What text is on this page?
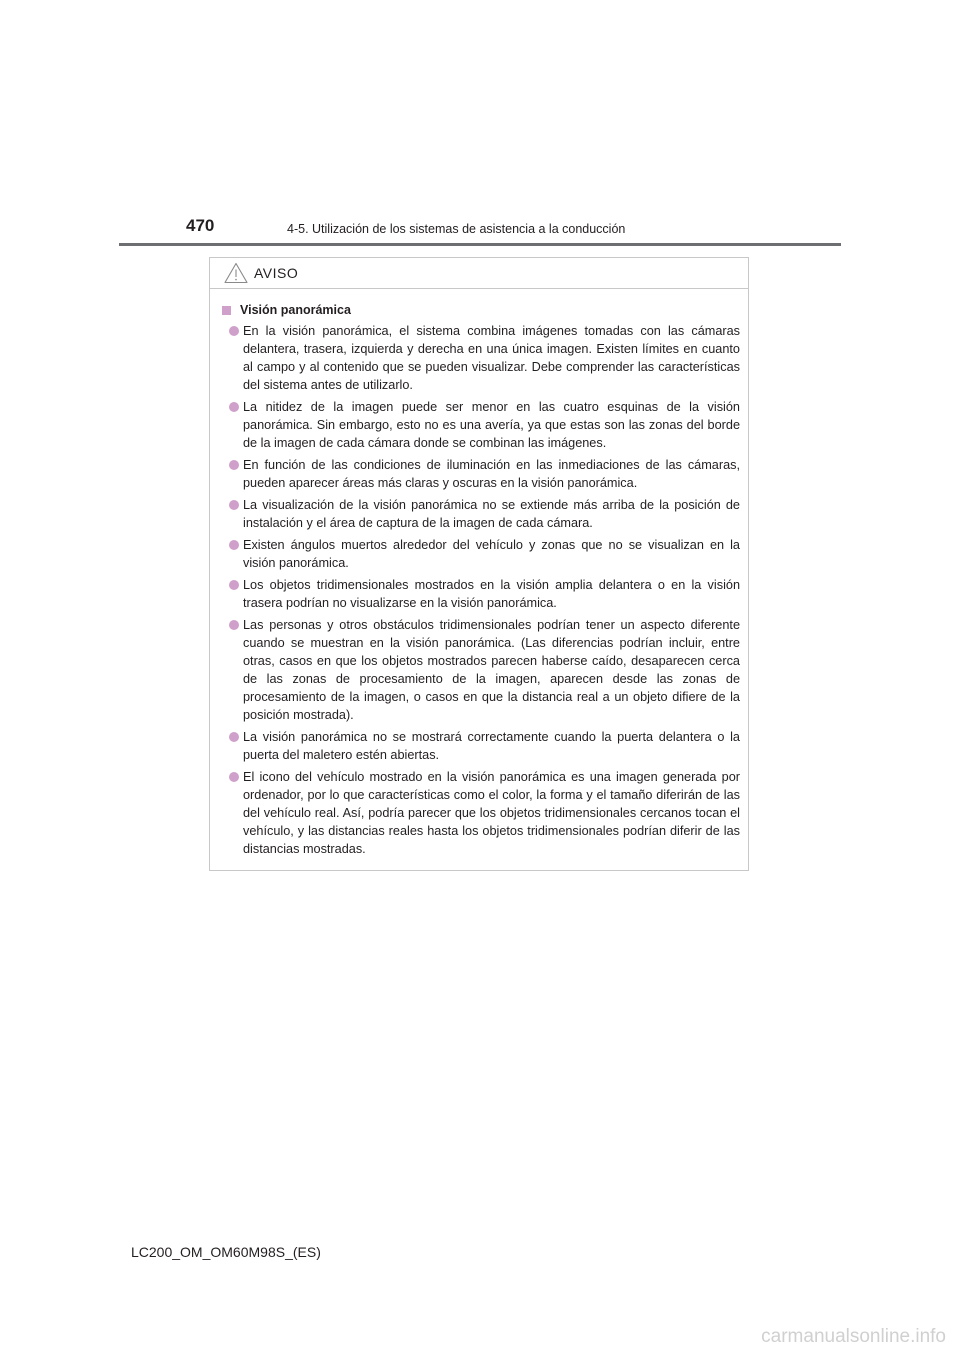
470	4-5. Utilización de los sistemas de asistencia a la conducción
AVISO
Visión panorámica
En la visión panorámica, el sistema combina imágenes tomadas con las cámaras delantera, trasera, izquierda y derecha en una única imagen. Existen límites en cuanto al campo y al contenido que se pueden visualizar. Debe comprender las características del sistema antes de utilizarlo.
La nitidez de la imagen puede ser menor en las cuatro esquinas de la visión panorámica. Sin embargo, esto no es una avería, ya que estas son las zonas del borde de la imagen de cada cámara donde se combinan las imágenes.
En función de las condiciones de iluminación en las inmediaciones de las cámaras, pueden aparecer áreas más claras y oscuras en la visión panorámica.
La visualización de la visión panorámica no se extiende más arriba de la posición de instalación y el área de captura de la imagen de cada cámara.
Existen ángulos muertos alrededor del vehículo y zonas que no se visualizan en la visión panorámica.
Los objetos tridimensionales mostrados en la visión amplia delantera o en la visión trasera podrían no visualizarse en la visión panorámica.
Las personas y otros obstáculos tridimensionales podrían tener un aspecto diferente cuando se muestran en la visión panorámica. (Las diferencias podrían incluir, entre otras, casos en que los objetos mostrados parecen haberse caído, desaparecen cerca de las zonas de procesamiento de la imagen, aparecen desde las zonas de procesamiento de la imagen, o casos en que la distancia real a un objeto difiere de la posición mostrada).
La visión panorámica no se mostrará correctamente cuando la puerta delantera o la puerta del maletero estén abiertas.
El icono del vehículo mostrado en la visión panorámica es una imagen generada por ordenador, por lo que características como el color, la forma y el tamaño diferirán de las del vehículo real. Así, podría parecer que los objetos tridimensionales cercanos tocan el vehículo, y las distancias reales hasta los objetos tridimensionales podrían diferir de las distancias mostradas.
LC200_OM_OM60M98S_(ES)
carmanualsonline.info
